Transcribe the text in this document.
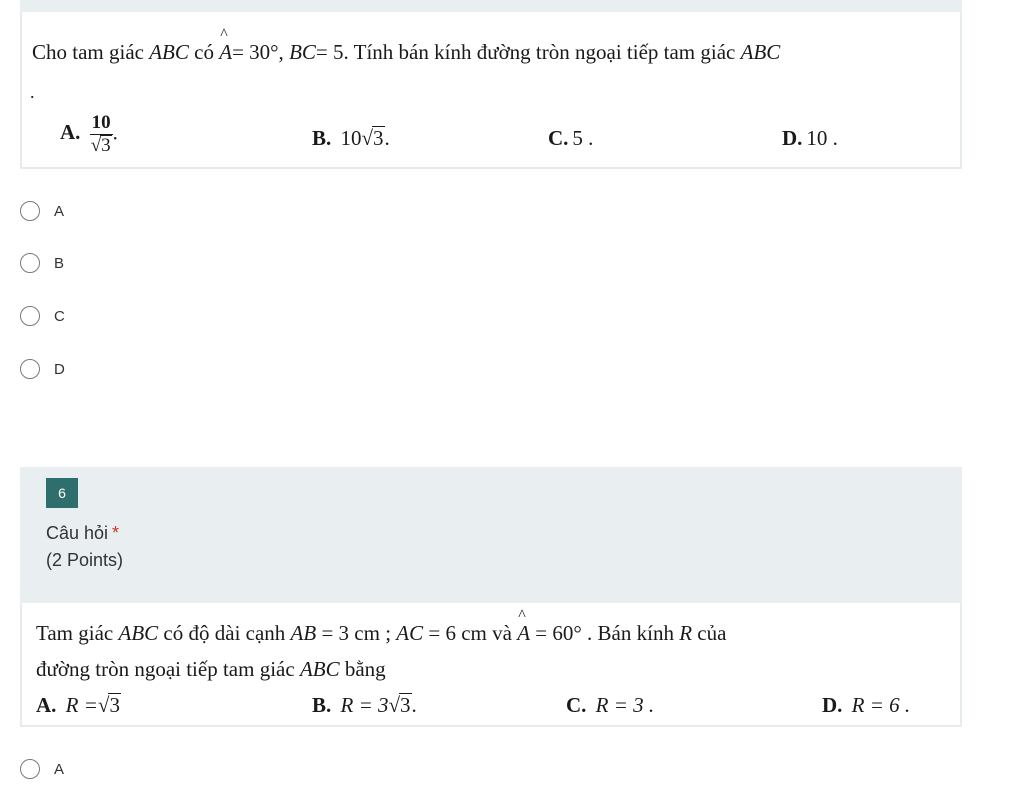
Cho tam giác ABC có
^
A= 30°, BC= 5. Tính bán kính đường tròn ngoại tiếp tam giác ABC
.
A. $\frac{10}{√3}$ .	B. 10√3.	C. 5 .	D. 10 .
A
B
C
D
6
Câu hỏi *
(2 Points)
Tam giác ABC có độ dài cạnh AB = 3 cm ; AC = 6 cm và
^
A = 60° . Bán kính R của
đường tròn ngoại tiếp tam giác ABC bằng
A. R =√3	B. R = 3√3.	C. R = 3 .	D. R = 6 .
A
